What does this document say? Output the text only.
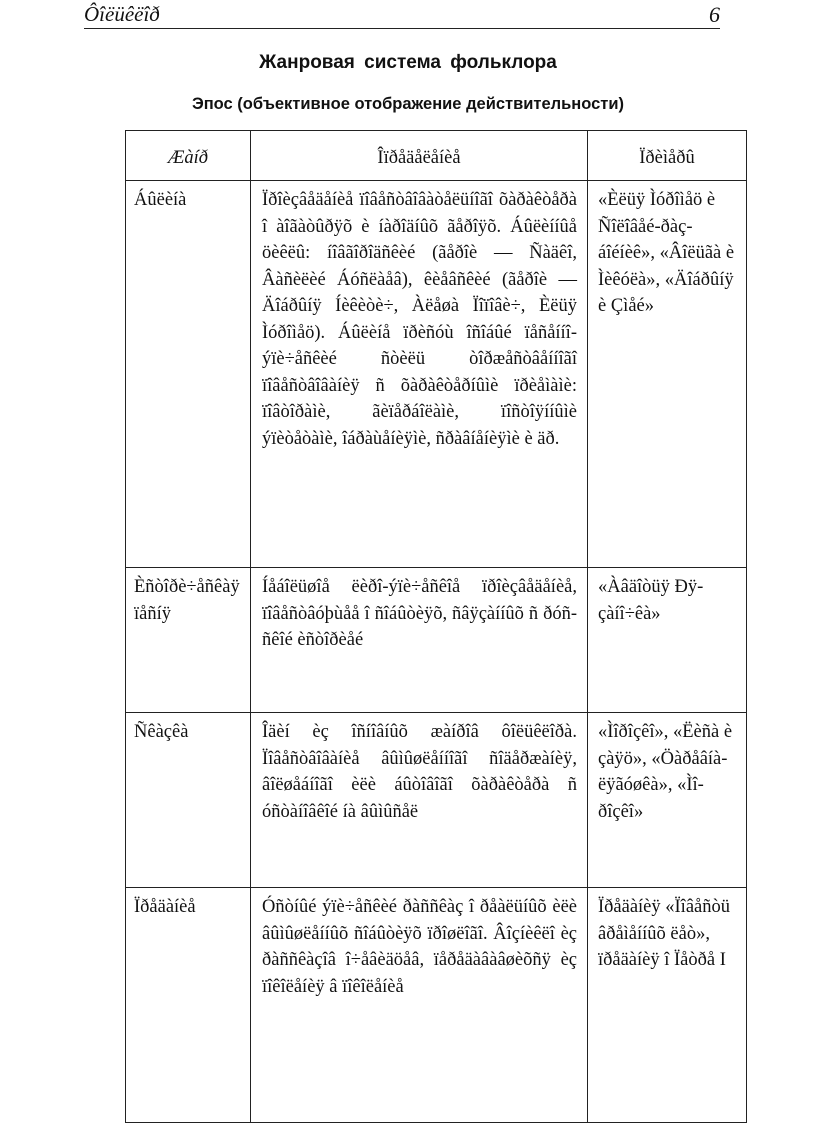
Ôîëüêëîð	6
Жанровая система фольклора
Эпос (объективное отображение действительности)
Æàíð	Îïðåäåëåíèå	Ïðèìåðû
Áûëèíà	Ïðîèçâåäåíèå ïîâåñòâîâàòåëüíîãî õàðàêòåðà î àîãàòûðÿõ è íàðîäíûõ ãåðîÿõ. Áûëèííûå öèêëû: íîâãîðîäñêèé (ãåðîè — Ñàäêî, Âàñèëèé Áóñëàåâ), êèåâñêèé (ãåðîè — Äîáðûíÿ Íèêèòè÷, Àëåøà Ïîïîâè÷, Èëüÿ Ìóðîìåö). Áûëèíå ïðèñóù îñîáûé ïåñåííî-ýïè÷åñêèé ñòèëü òîðæåñòâåííîãî ïîâåñòâîâàíèÿ ñ õàðàêòåðíûìè ïðèåìàìè: ïîâòîðàìè, ãèïåðáîëàìè, ïîñòîÿííûìè ýïèòåòàìè, îáðàùåíèÿìè, ñðàâíåíèÿìè è äð.	«Èëüÿ Ìóðîìåö è Ñîëîâåé-ðàçáîéíèê», «Âîëüãà è Ìèêóëà», «Äîáðûíÿ è Çìåé»
Èñòîðè÷åñêàÿ ïåñíÿ	Íåáîëüøîå ëèðî-ýïè÷åñêîå ïðîèçâåäåíèå, ïîâåñòâóþùåå î ñîáûòèÿõ, ñâÿçàííûõ ñ ðóññêîé èñòîðèåé	«Àâäîòüÿ Ðÿçàíî÷êà»
Ñêàçêà	Îäèí èç îñíîâíûõ æàíðîâ ôîëüêëîðà. Ïîâåñòâîâàíèå âûìûøëåííîãî ñîäåðæàíèÿ, âîëøåáíîãî èëè áûòîâîãî õàðàêòåðà ñ óñòàíîâêîé íà âûìûñåë	«Ìîðîçêî», «Ëèñà è çàÿö», «Öàðåâíà-ëÿãóøêà», «Ìîðîçêî»
Ïðåäàíèå	Óñòíûé ýïè÷åñêèé ðàññêàç î ðåàëüíûõ èëè âûìûøëåííûõ ñîáûòèÿõ ïðîøëîãî. Âîçíèêëî èç ðàññêàçîâ î÷åâèäöåâ, ïåðåäàâàâøèõñÿ èç ïîêîëåíèÿ â ïîêîëåíèå	Ïðåäàíèÿ «Ïîâåñòü âðåìåííûõ ëåò», ïðåäàíèÿ î Ïåòðå I
